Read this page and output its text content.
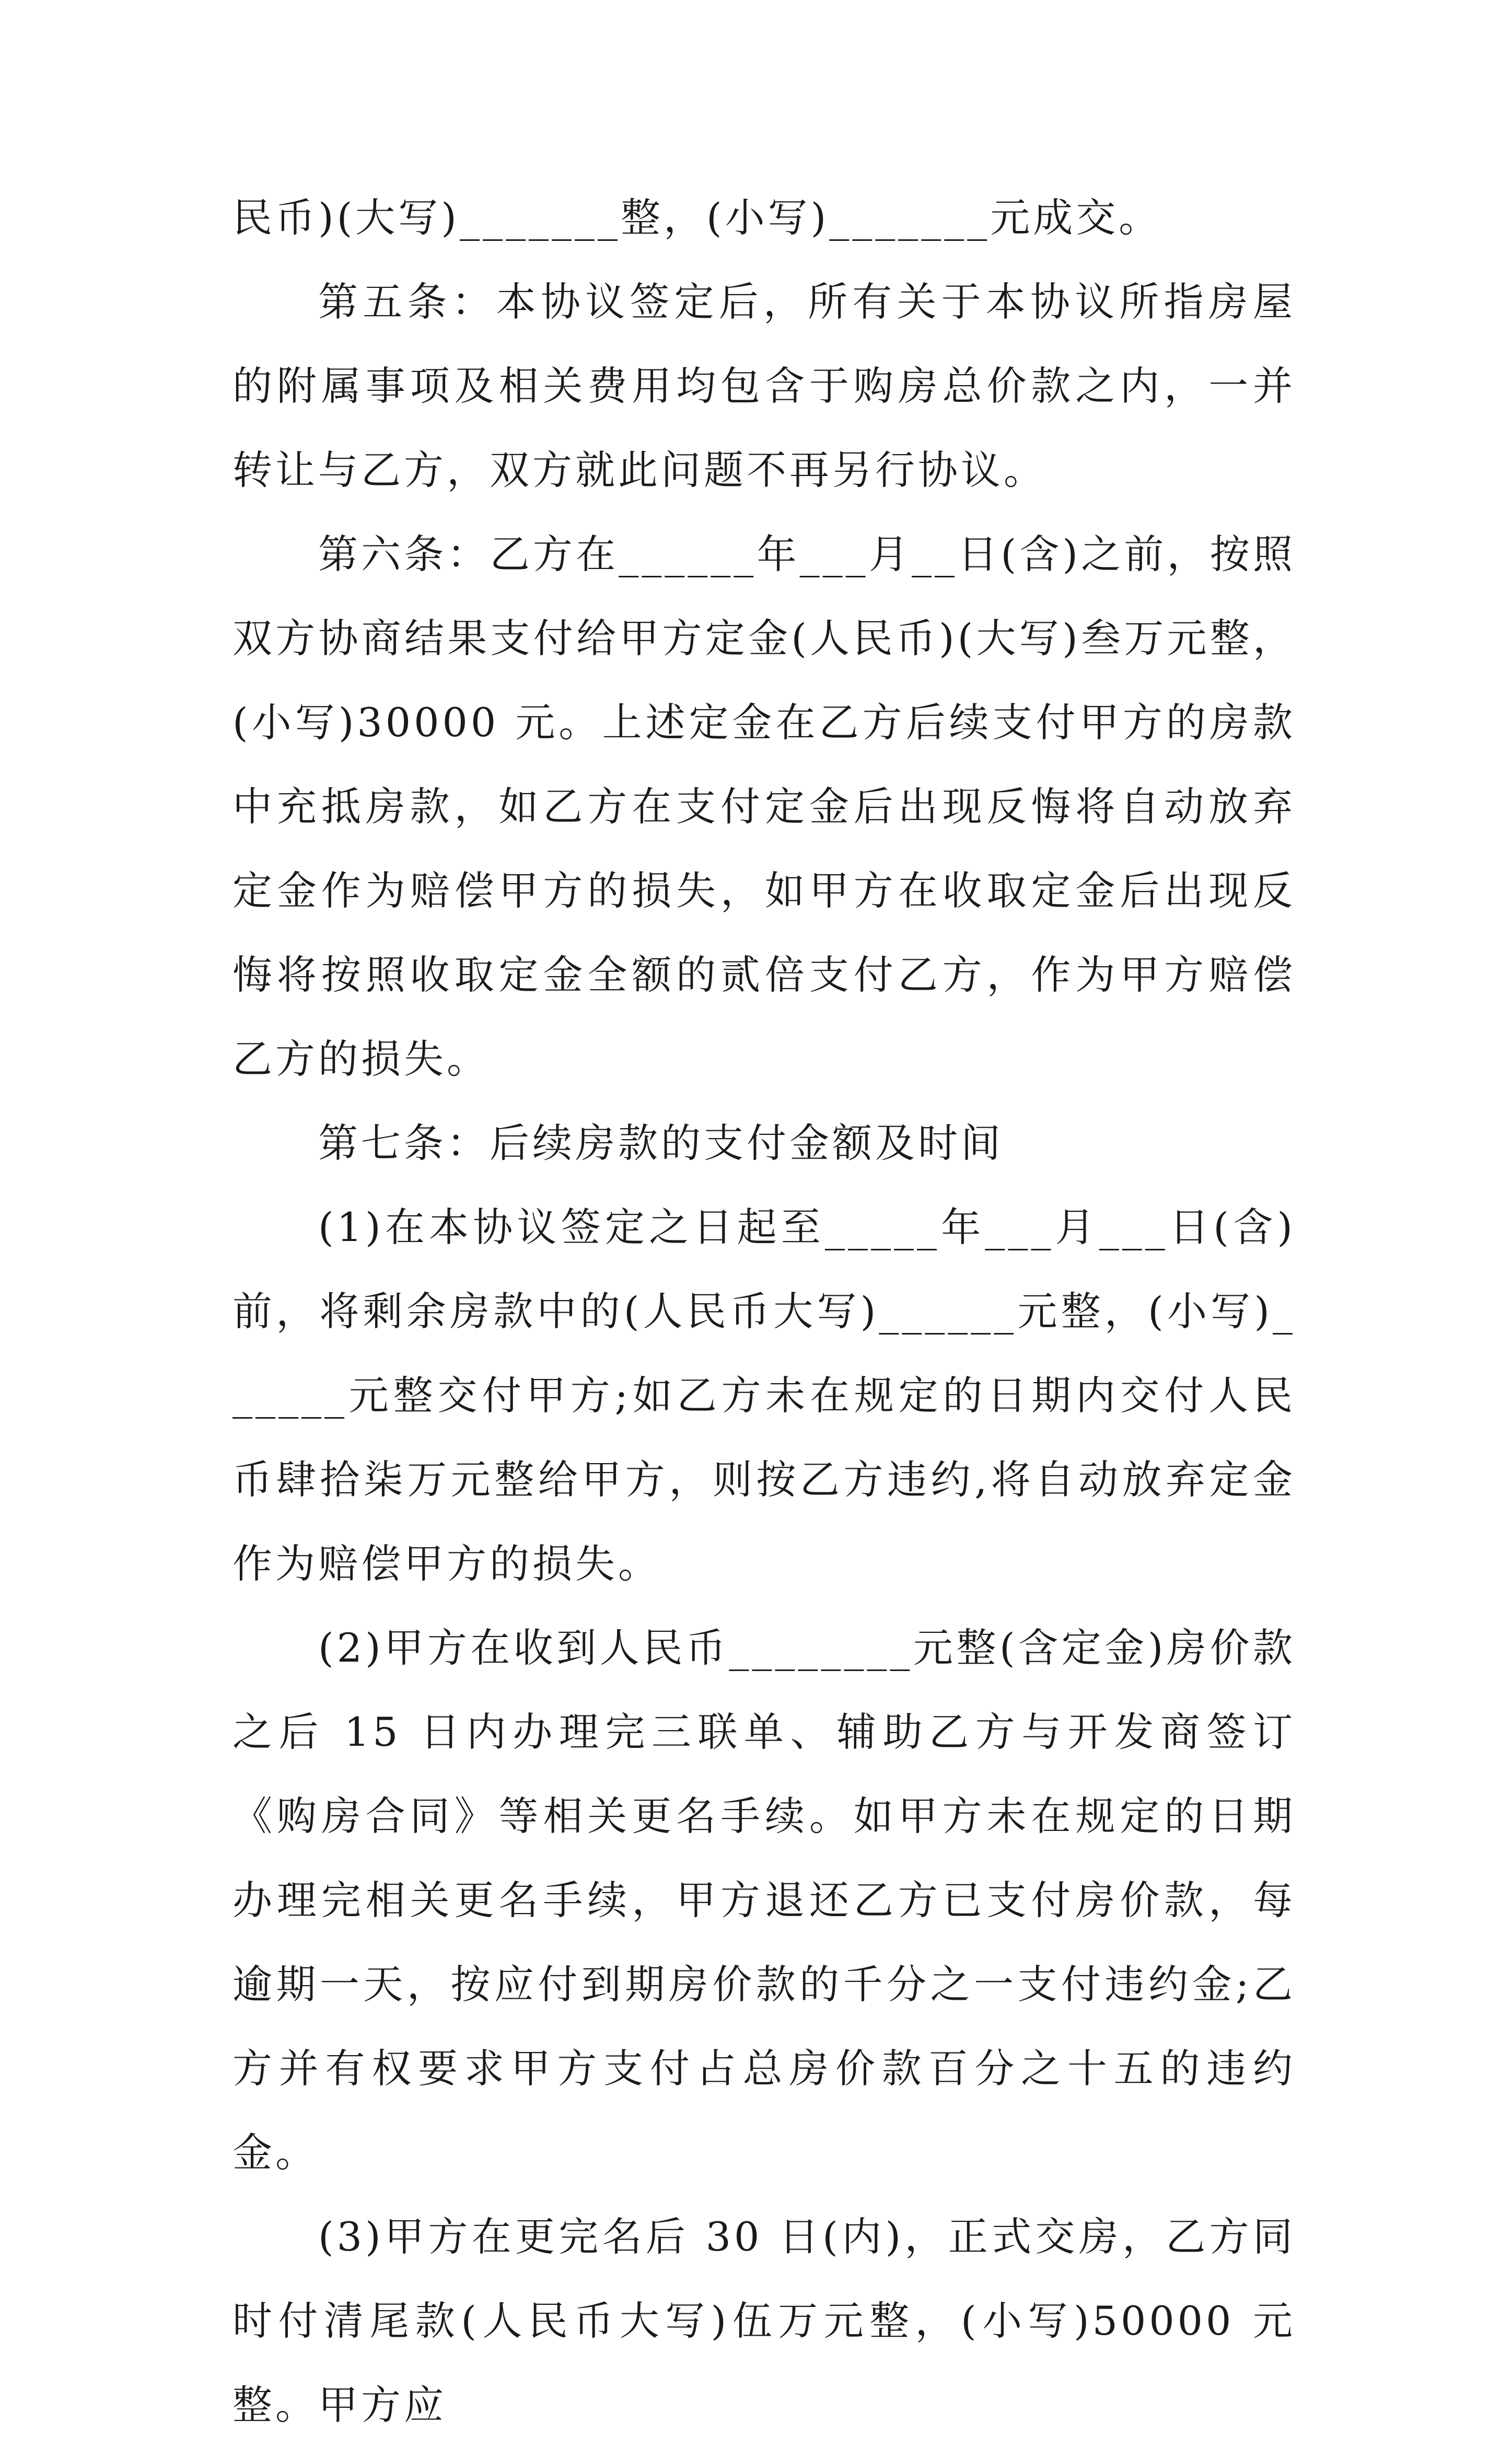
民币)(大写)_______整，(小写)_______元成交。

第五条：本协议签定后，所有关于本协议所指房屋的附属事项及相关费用均包含于购房总价款之内，一并转让与乙方，双方就此问题不再另行协议。

第六条：乙方在______年___月__日(含)之前，按照双方协商结果支付给甲方定金(人民币)(大写)叁万元整，(小写)30000 元。上述定金在乙方后续支付甲方的房款中充抵房款，如乙方在支付定金后出现反悔将自动放弃定金作为赔偿甲方的损失，如甲方在收取定金后出现反悔将按照收取定金全额的贰倍支付乙方，作为甲方赔偿乙方的损失。

第七条：后续房款的支付金额及时间

(1)在本协议签定之日起至_____年___月___日(含)前，将剩余房款中的(人民币大写)______元整，(小写)______元整交付甲方;如乙方未在规定的日期内交付人民币肆拾柒万元整给甲方，则按乙方违约,将自动放弃定金作为赔偿甲方的损失。

(2)甲方在收到人民币________元整(含定金)房价款之后 15 日内办理完三联单、辅助乙方与开发商签订《购房合同》等相关更名手续。如甲方未在规定的日期办理完相关更名手续，甲方退还乙方已支付房价款，每逾期一天，按应付到期房价款的千分之一支付违约金;乙方并有权要求甲方支付占总房价款百分之十五的违约金。

(3)甲方在更完名后 30 日(内)，正式交房，乙方同时付清尾款(人民币大写)伍万元整，(小写)50000 元整。甲方应
